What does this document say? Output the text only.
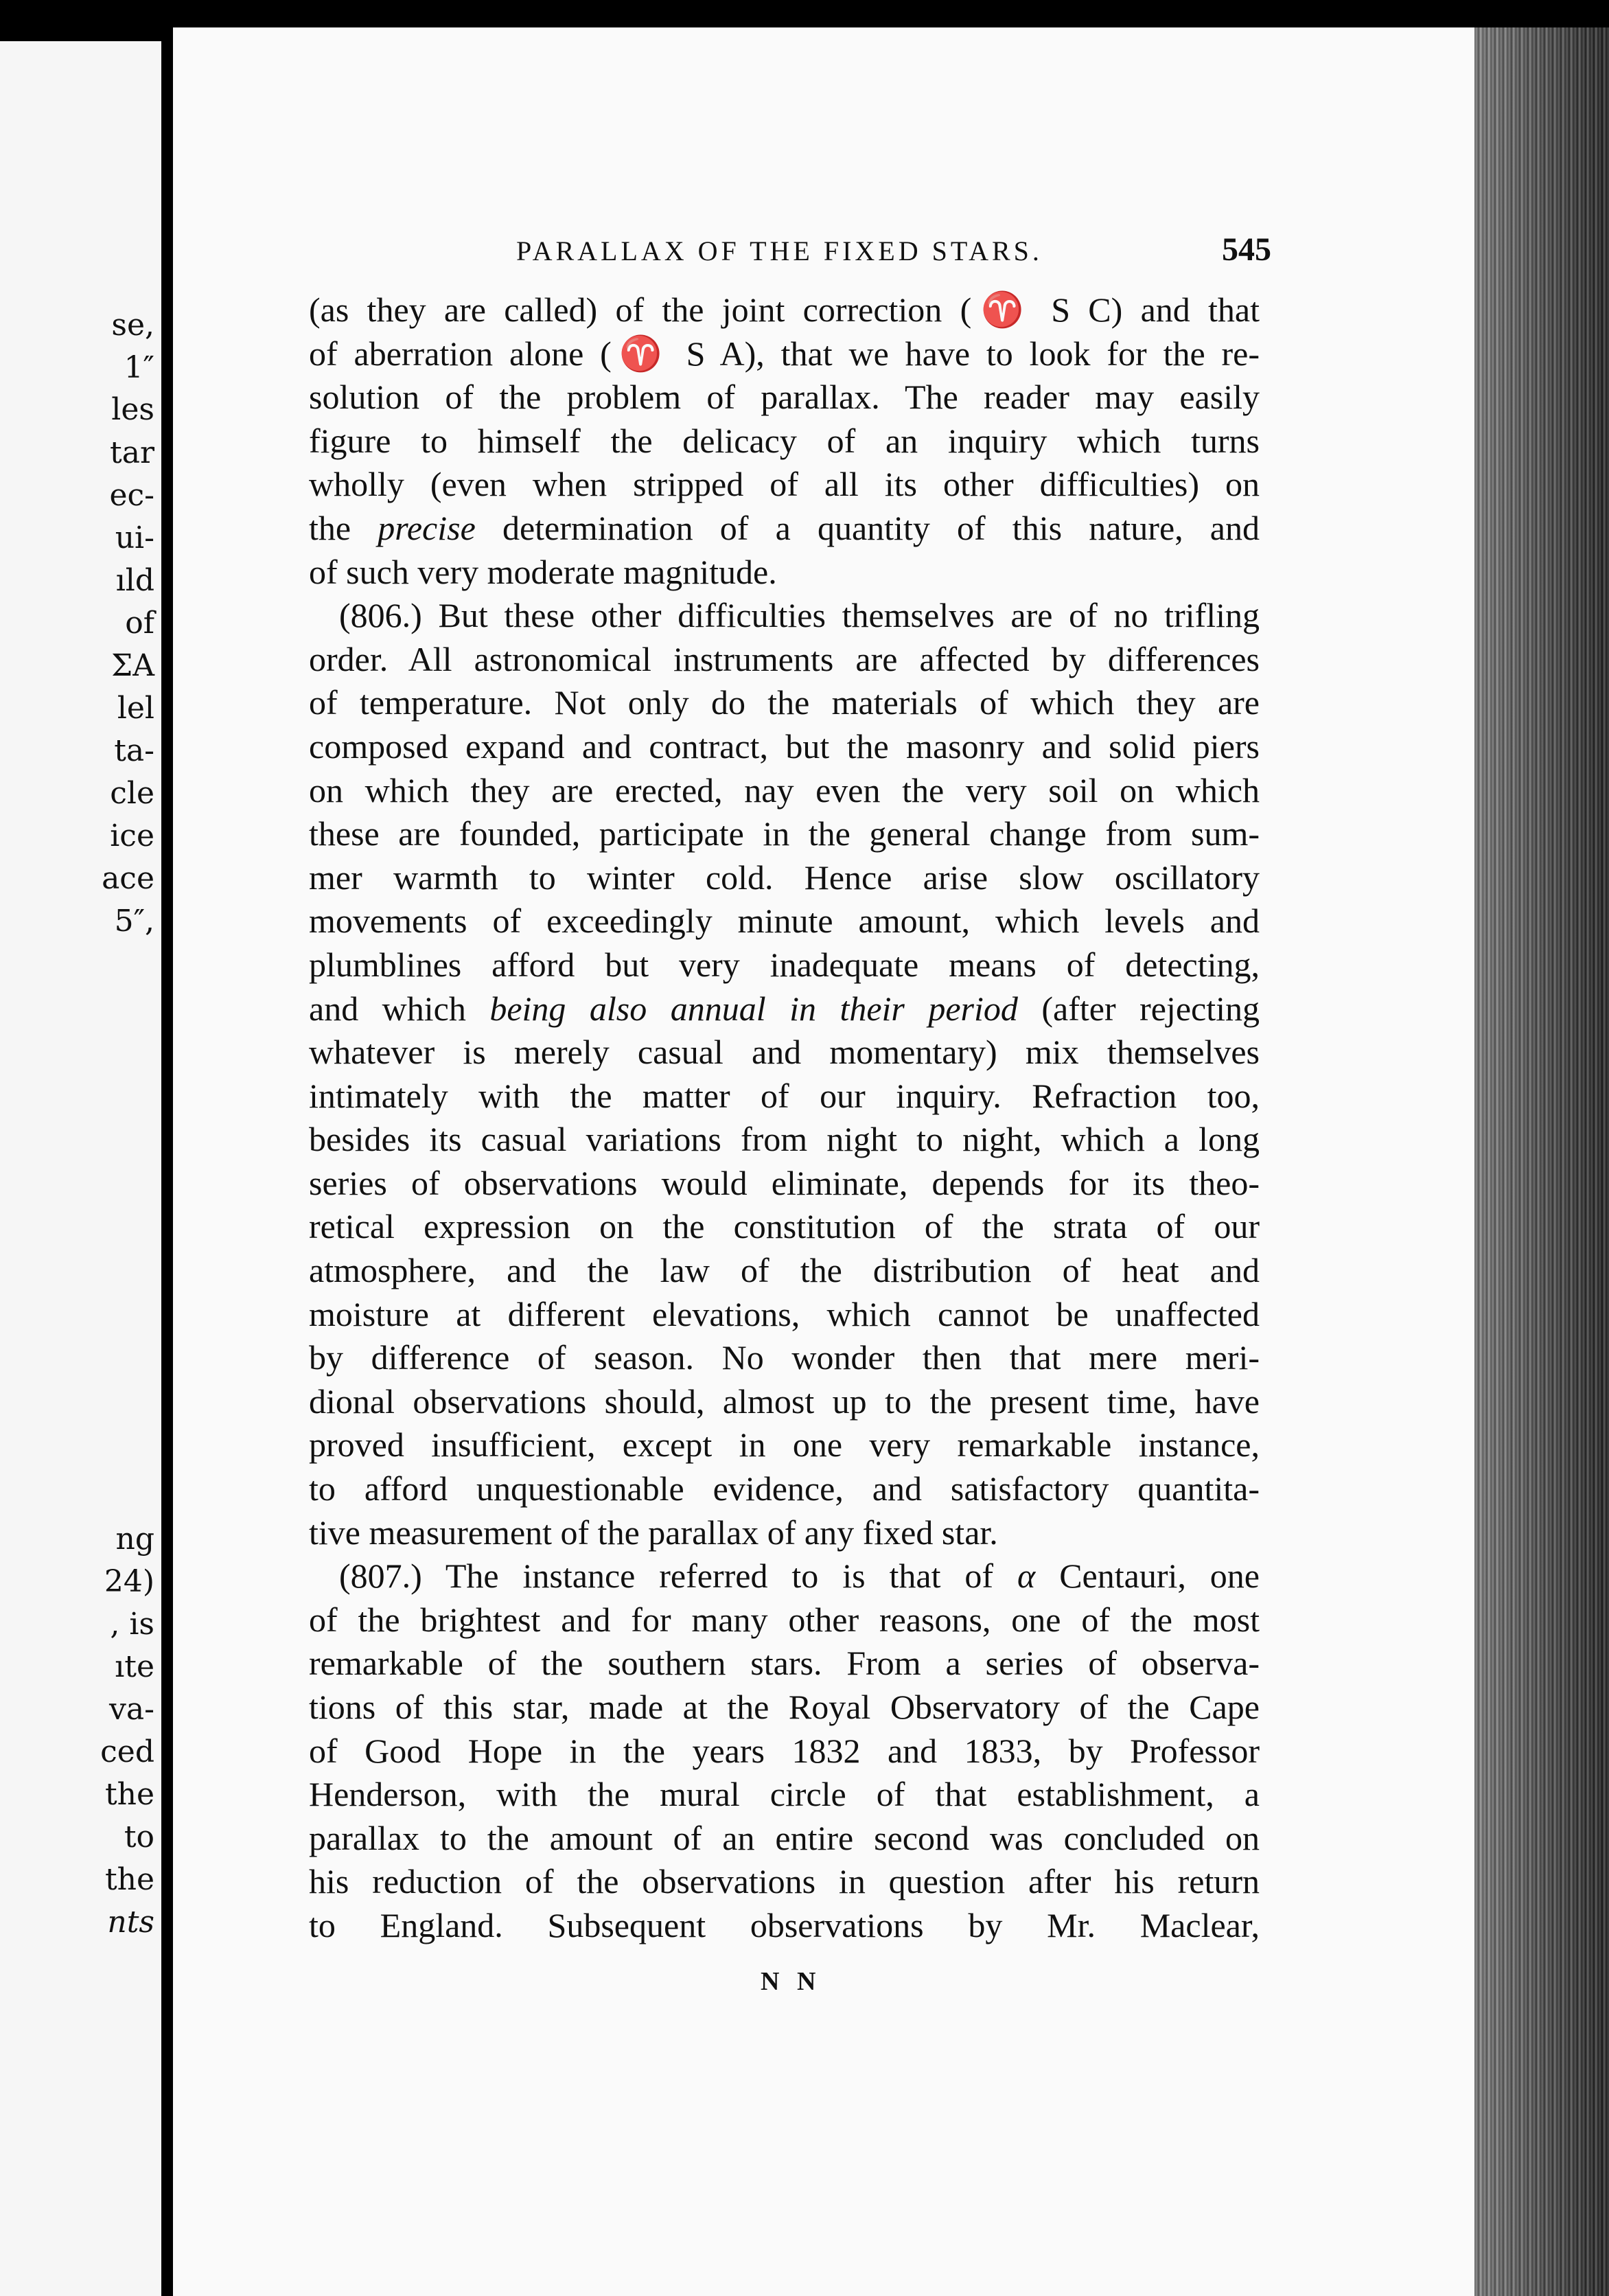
se,
1″
les
tar
ec-
ui-
ıld
of
ΣA
lel
ta-
cle
ice
ace
5″,
ng
24)
, is
ıte
va-
ced
the
to
the
nts
PARALLAX OF THE FIXED STARS.	545
(as they are called) of the joint correction (♈ S C) and that
of aberration alone (♈ S A), that we have to look for the re-
solution of the problem of parallax. The reader may easily
figure to himself the delicacy of an inquiry which turns
wholly (even when stripped of all its other difficulties) on
the precise determination of a quantity of this nature, and
of such very moderate magnitude.
(806.) But these other difficulties themselves are of no trifling
order. All astronomical instruments are affected by differences
of temperature. Not only do the materials of which they are
composed expand and contract, but the masonry and solid piers
on which they are erected, nay even the very soil on which
these are founded, participate in the general change from sum-
mer warmth to winter cold. Hence arise slow oscillatory
movements of exceedingly minute amount, which levels and
plumblines afford but very inadequate means of detecting,
and which being also annual in their period (after rejecting
whatever is merely casual and momentary) mix themselves
intimately with the matter of our inquiry. Refraction too,
besides its casual variations from night to night, which a long
series of observations would eliminate, depends for its theo-
retical expression on the constitution of the strata of our
atmosphere, and the law of the distribution of heat and
moisture at different elevations, which cannot be unaffected
by difference of season. No wonder then that mere meri-
dional observations should, almost up to the present time, have
proved insufficient, except in one very remarkable instance,
to afford unquestionable evidence, and satisfactory quantita-
tive measurement of the parallax of any fixed star.
(807.) The instance referred to is that of α Centauri, one
of the brightest and for many other reasons, one of the most
remarkable of the southern stars. From a series of observa-
tions of this star, made at the Royal Observatory of the Cape
of Good Hope in the years 1832 and 1833, by Professor
Henderson, with the mural circle of that establishment, a
parallax to the amount of an entire second was concluded on
his reduction of the observations in question after his return
to England. Subsequent observations by Mr. Maclear,
N N
